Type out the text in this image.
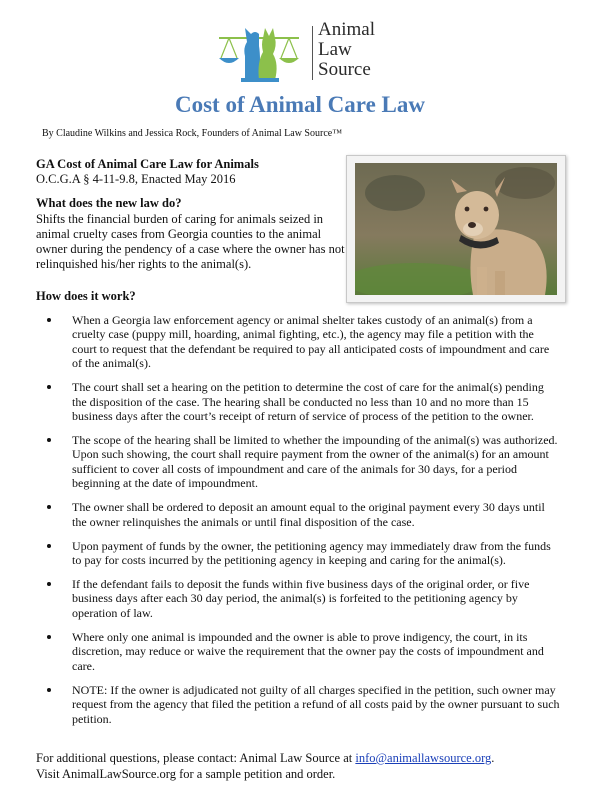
Animal
Law
Source
Cost of Animal Care Law
By Claudine Wilkins and Jessica Rock, Founders of Animal Law Source™
GA Cost of Animal Care Law for Animals
O.C.G.A § 4-11-9.8, Enacted May 2016
What does the new law do?
Shifts the financial burden of caring for animals seized in animal cruelty cases from Georgia counties to the animal owner during the pendency of a case where the owner has not relinquished his/her rights to the animal(s).
How does it work?
When a Georgia law enforcement agency or animal shelter takes custody of an animal(s) from a cruelty case (puppy mill, hoarding, animal fighting, etc.), the agency may file a petition with the court to request that the defendant be required to pay all anticipated costs of impoundment and care of the animal(s).
The court shall set a hearing on the petition to determine the cost of care for the animal(s) pending the disposition of the case. The hearing shall be conducted no less than 10 and no more than 15 business days after the court’s receipt of return of service of process of the petition to the owner.
The scope of the hearing shall be limited to whether the impounding of the animal(s) was authorized. Upon such showing, the court shall require payment from the owner of the animal(s) for an amount sufficient to cover all costs of impoundment and care of the animals for 30 days, for a period beginning at the date of impoundment.
The owner shall be ordered to deposit an amount equal to the original payment every 30 days until the owner relinquishes the animals or until final disposition of the case.
Upon payment of funds by the owner, the petitioning agency may immediately draw from the funds to pay for costs incurred by the petitioning agency in keeping and caring for the animal(s).
If the defendant fails to deposit the funds within five business days of the original order, or five business days after each 30 day period, the animal(s) is forfeited to the petitioning agency by operation of law.
Where only one animal is impounded and the owner is able to prove indigency, the court, in its discretion, may reduce or waive the requirement that the owner pay the costs of impoundment and care.
NOTE: If the owner is adjudicated not guilty of all charges specified in the petition, such owner may request from the agency that filed the petition a refund of all costs paid by the owner pursuant to such petition.
For additional questions, please contact: Animal Law Source at info@animallawsource.org.
Visit AnimalLawSource.org for a sample petition and order.
